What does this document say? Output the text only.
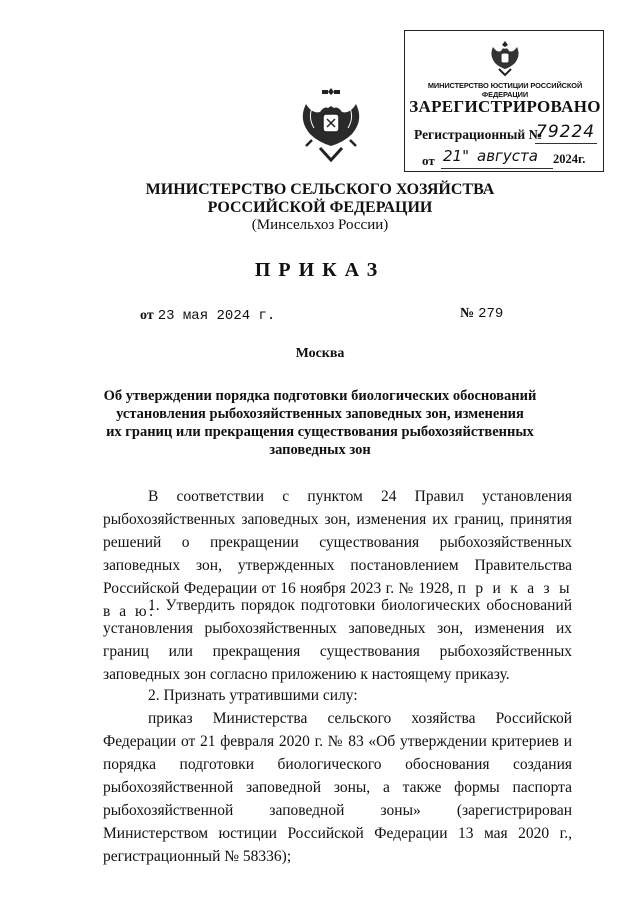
МИНИСТЕРСТВО ЮСТИЦИИ РОССИЙСКОЙ ФЕДЕРАЦИИ
ЗАРЕГИСТРИРОВАНО
Регистрационный №
79224
от 21" августа 2024г.
МИНИСТЕРСТВО СЕЛЬСКОГО ХОЗЯЙСТВА
РОССИЙСКОЙ ФЕДЕРАЦИИ
(Минсельхоз России)
ПРИКАЗ
от 23 мая 2024 г.	№ 279
Москва
Об утверждении порядка подготовки биологических обоснований
установления рыбохозяйственных заповедных зон, изменения
их границ или прекращения существования рыбохозяйственных
заповедных зон
В соответствии с пунктом 24 Правил установления рыбохозяйственных заповедных зон, изменения их границ, принятия решений о прекращении существования рыбохозяйственных заповедных зон, утвержденных постановлением Правительства Российской Федерации от 16 ноября 2023 г. № 1928, п р и к а з ы в а ю:
1. Утвердить порядок подготовки биологических обоснований установления рыбохозяйственных заповедных зон, изменения их границ или прекращения существования рыбохозяйственных заповедных зон согласно приложению к настоящему приказу.
2. Признать утратившими силу:
приказ Министерства сельского хозяйства Российской Федерации от 21 февраля 2020 г. № 83 «Об утверждении критериев и порядка подготовки биологического обоснования создания рыбохозяйственной заповедной зоны, а также формы паспорта рыбохозяйственной заповедной зоны» (зарегистрирован Министерством юстиции Российской Федерации 13 мая 2020 г., регистрационный № 58336);
